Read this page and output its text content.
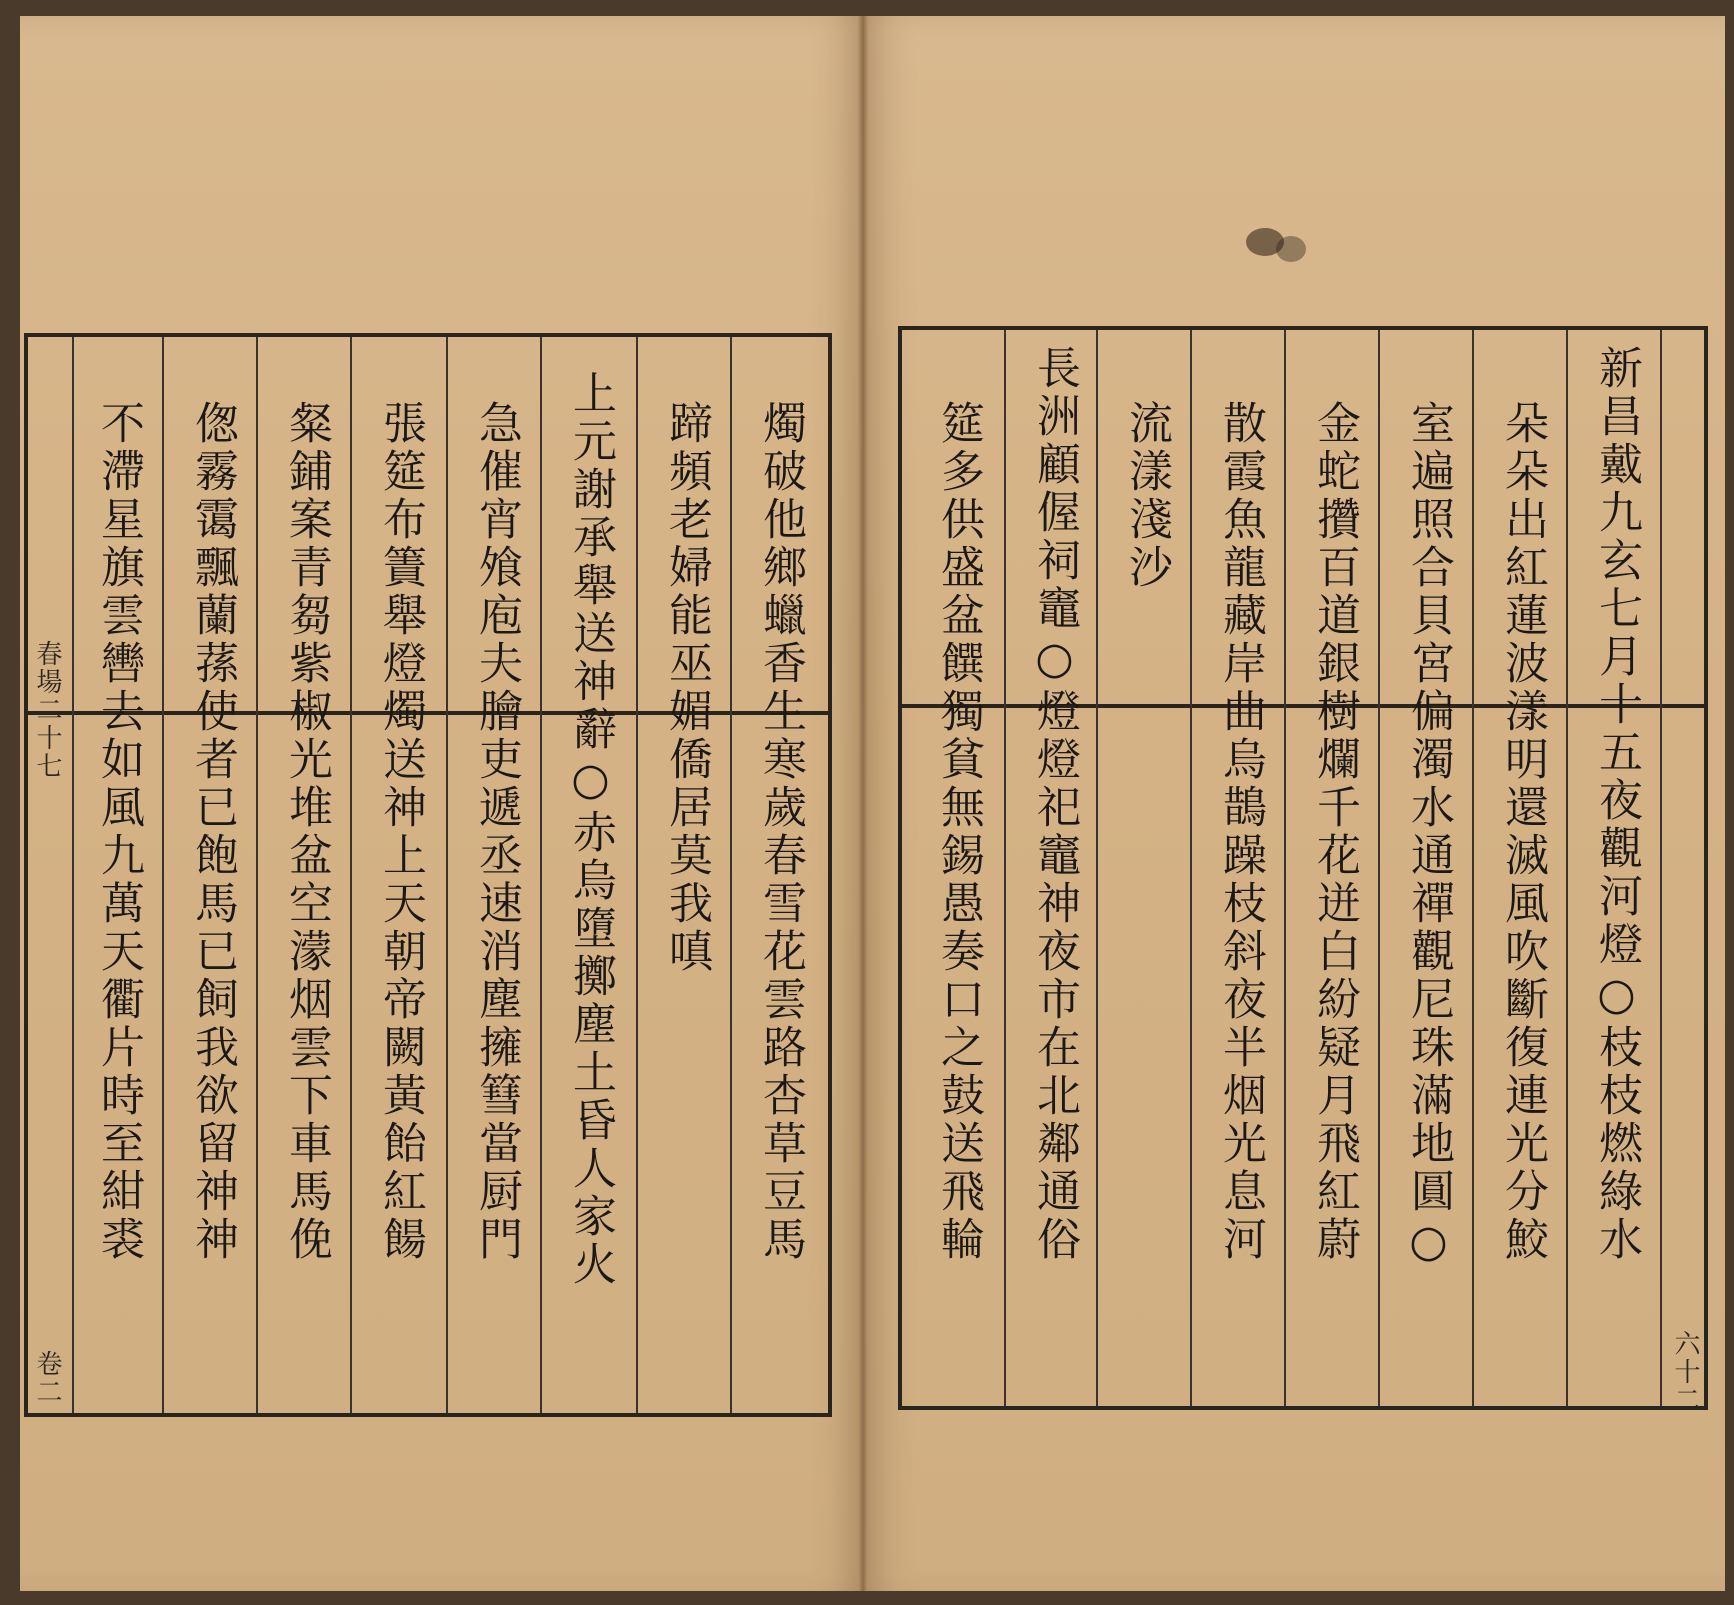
春場二十七
卷二
燭破他鄉蠟香生寒歲春雪花雲路杏草豆馬
蹄頻老婦能巫媚僑居莫我嗔
上元謝承舉送神辭○赤烏墮擲塵土昏人家火
急催宵飧庖夫膾吏遞丞速消塵擁篲當厨門
張筵布簀舉燈燭送神上天朝帝闕黃飴紅餳
粲鋪案青芻紫椒光堆盆空濛烟雲下車馬俛
偬霧霭飄蘭蓀使者已飽馬已飼我欲留神神
不滯星旗雲轡去如風九萬天衢片時至紺裘
六十二
新昌戴九玄七月十五夜觀河燈○枝枝燃綠水
朵朵出紅蓮波漾明還滅風吹斷復連光分鮫
室遍照合貝宮偏濁水通禪觀尼珠滿地圓○
金蛇攢百道銀樹爛千花迸白紛疑月飛紅蔚
散霞魚龍藏岸曲烏鵲躁枝斜夜半烟光息河
流漾淺沙
長洲顧偓祠竈○燈燈祀竈神夜市在北鄰通俗
筵多供盛盆饌獨貧無錫愚奏口之鼓送飛輪
